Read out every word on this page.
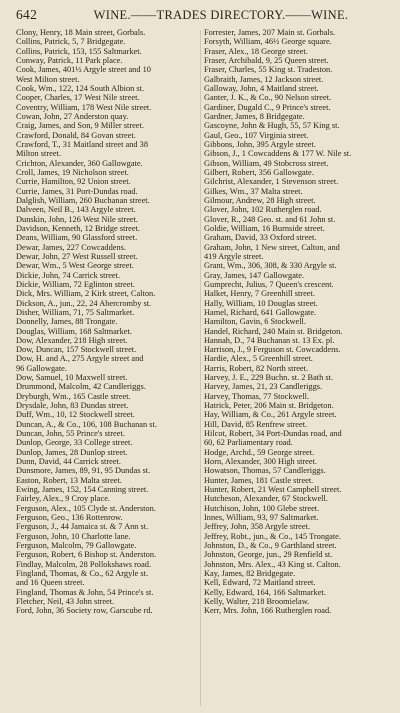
642	WINE.——TRADES DIRECTORY.——WINE.
Clony, Henry, 18 Main street, Gorbals.
Collins, Patrick, 5, 7 Bridgegate.
Collins, Patrick, 153, 155 Saltmarket.
Conway, Patrick, 11 Park place.
Cook, James, 401½ Argyle street and 10
West Milton street.
Cook, Wm., 122, 124 South Albion st.
Cooper, Charles, 17 West Nile street.
Coventry, William, 178 West Nile street.
Cowan, John, 27 Anderston quay.
Craig, James, and Son, 9 Miller street.
Crawford, Donald, 84 Govan street.
Crawford, T., 31 Maitland street and 38
Milton street.
Crichton, Alexander, 360 Gallowgate.
Croll, James, 19 Nicholson street.
Currie, Hamilton, 92 Union street.
Currie, James, 31 Port-Dundas road.
Dalglish, William, 260 Buchanan street.
Dalveen, Neil B., 143 Argyle street.
Dunskin, John, 126 West Nile street.
Davidson, Kenneth, 12 Bridge street.
Deans, William, 90 Glassford street.
Dewar, James, 227 Cowcaddens.
Dewar, John, 27 West Russell street.
Dewar, Wm., 5 West George street.
Dickie, John, 74 Carrick street.
Dickie, William, 72 Eglinton street.
Dick, Mrs. William, 2 Kirk street, Calton.
Dickson, A., jun., 22, 24 Abercromby st.
Disher, William, 71, 75 Saltmarket.
Donnelly, James, 88 Trongate.
Douglas, William, 168 Saltmarket.
Dow, Alexander, 218 High street.
Dow, Duncan, 157 Stockwell street.
Dow, H. and A., 275 Argyle street and
96 Gallowgate.
Dow, Samuel, 10 Maxwell street.
Drummond, Malcolm, 42 Candleriggs.
Dryburgh, Wm., 165 Castle street.
Drysdale, John, 83 Dundas street.
Duff, Wm., 10, 12 Stockwell street.
Duncan, A., & Co., 106, 108 Buchanan st.
Duncan, John, 55 Prince's street.
Dunlop, George, 33 College street.
Dunlop, James, 28 Dunlop street.
Dunn, David, 44 Carrick street.
Dunsmore, James, 89, 91, 95 Dundas st.
Easton, Robert, 13 Malta street.
Ewing, James, 152, 154 Canning street.
Fairley, Alex., 9 Croy place.
Ferguson, Alex., 105 Clyde st. Anderston.
Ferguson, Geo., 136 Rottenrow.
Ferguson, J., 44 Jamaica st. & 7 Ann st.
Ferguson, John, 10 Charlotte lane.
Ferguson, Malcolm, 79 Gallowgate.
Ferguson, Robert, 6 Bishop st. Anderston.
Findlay, Malcolm, 28 Pollokshaws road.
Fingland, Thomas, & Co., 62 Argyle st.
and 16 Queen street.
Fingland, Thomas & John, 54 Prince's st.
Fletcher, Neil, 43 John street.
Ford, John, 36 Society row, Garscube rd.
Forrester, James, 207 Main st. Gorbals.
Forsyth, William, 46½ George square.
Fraser, Alex., 18 George street.
Fraser, Archibald, 9, 25 Queen street.
Fraser, Charles, 55 King st. Tradeston.
Galbraith, James, 12 Jackson street.
Galloway, John, 4 Maitland street.
Ganter, J. K., & Co., 90 Nelson street.
Gardiner, Dugald C., 9 Prince's street.
Gardner, James, 8 Bridgegate.
Gascoyne, John & Hugh, 55, 57 King st.
Gaul, Geo., 107 Virginia street.
Gibbons, John, 395 Argyle street.
Gibson, J., 1 Cowcaddens & 177 W. Nile st.
Gibson, William, 49 Stobcross street.
Gilbert, Robert, 356 Gallowgate.
Gilchrist, Alexander, 1 Stevenson street.
Gilkes, Wm., 37 Malta street.
Gilmour, Andrew, 28 High street.
Glover, John, 102 Rutherglen road.
Glover, R., 248 Geo. st. and 61 John st.
Goldie, William, 16 Burnside street.
Graham, David, 33 Oxford street.
Graham, John, 1 New street, Calton, and
419 Argyle street.
Grant, Wm., 306, 308, & 330 Argyle st.
Gray, James, 147 Gallowgate.
Gumprecht, Julius, 7 Queen's crescent.
Halket, Henry, 7 Greenhill street.
Hally, William, 10 Douglas street.
Hamel, Richard, 641 Gallowgate.
Hamilton, Gavin, 6 Stockwell.
Handel, Richard, 240 Main st. Bridgeton.
Hannah, D., 74 Buchanan st. 13 Ex. pl.
Harrison, J., 9 Ferguson st. Cowcaddens.
Hardie, Alex., 5 Greenhill street.
Harris, Robert, 82 North street.
Harvey, J. E., 229 Buchn. st. 2 Bath st.
Harvey, James, 21, 23 Candleriggs.
Harvey, Thomas, 77 Stockwell.
Hatrick, Peter, 206 Main st. Bridgeton.
Hay, William, & Co., 261 Argyle street.
Hill, David, 85 Renfrew street.
Hilcot, Robert, 34 Port-Dundas road, and
60, 62 Parliamentary road.
Hodge, Archd., 59 George street.
Horn, Alexander, 300 High street.
Howatson, Thomas, 57 Candleriggs.
Hunter, James, 181 Castle street.
Hunter, Robert, 21 West Campbell street.
Hutcheson, Alexander, 67 Stockwell.
Hutchison, John, 100 Glebe street.
Innes, William, 93, 97 Saltmarket.
Jeffrey, John, 358 Argyle street.
Jeffrey, Robt., jun., & Co., 145 Trongate.
Johnston, D., & Co., 9 Garthland street.
Johnston, George, jun., 29 Renfield st.
Johnston, Mrs. Alex., 43 King st. Calton.
Kay, James, 82 Bridgegate.
Kell, Edward, 72 Maitland street.
Kelly, Edward, 164, 166 Saltmarket.
Kelly, Walter, 218 Broomielaw.
Kerr, Mrs. John, 166 Rutherglen road.
